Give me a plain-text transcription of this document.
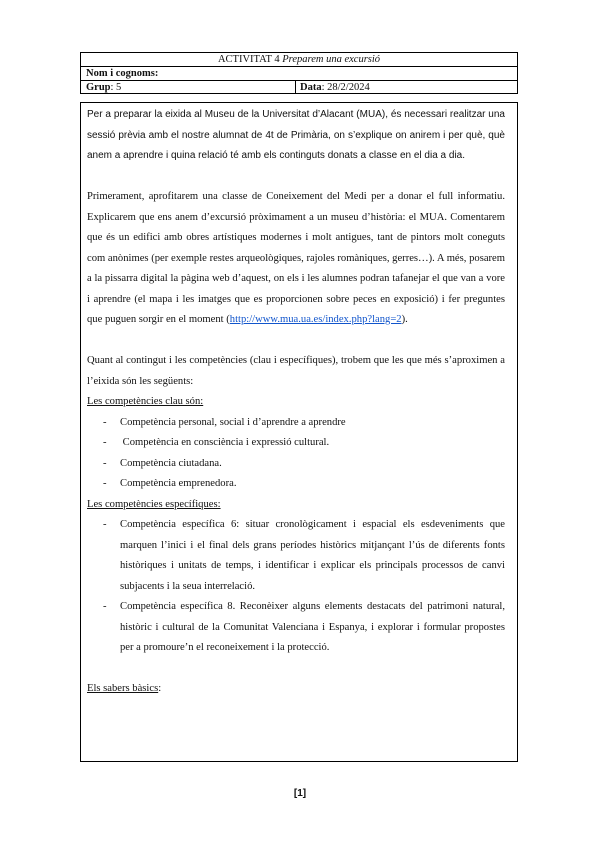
ACTIVITAT 4 Preparem una excursió
Nom i cognoms:
Grup: 5	Data: 28/2/2024

Per a preparar la eixida al Museu de la Universitat d’Alacant (MUA), és necessari realitzar una sessió prèvia amb el nostre alumnat de 4t de Primària, on s’explique on anirem i per què, què anem a aprendre i quina relació té amb els continguts donats a classe en el dia a dia.

Primerament, aprofitarem una classe de Coneixement del Medi per a donar el full informatiu. Explicarem que ens anem d’excursió pròximament a un museu d’història: el MUA. Comentarem que és un edifici amb obres artístiques modernes i molt antigues, tant de pintors molt coneguts com anònimes (per exemple restes arqueològiques, rajoles romàniques, gerres…). A més, posarem a la pissarra digital la pàgina web d’aquest, on els i les alumnes podran tafanejar el que van a vore i aprendre (el mapa i les imatges que es proporcionen sobre peces en exposició) i fer preguntes que puguen sorgir en el moment (http://www.mua.ua.es/index.php?lang=2).

Quant al contingut i les competències (clau i específiques), trobem que les que més s’aproximen a l’eixida són les següents:

Les competències clau són:
- Competència personal, social i d’aprendre a aprendre
- Competència en consciència i expressió cultural.
- Competència ciutadana.
- Competència emprenedora.
Les competències específiques:
- Competència específica 6: situar cronològicament i espacial els esdeveniments que marquen l’inici i el final dels grans períodes històrics mitjançant l’ús de diferents fonts històriques i unitats de temps, i identificar i explicar els principals processos de canvi subjacents i la seua interrelació.
- Competència específica 8. Reconèixer alguns elements destacats del patrimoni natural, històric i cultural de la Comunitat Valenciana i Espanya, i explorar i formular propostes per a promoure’n el reconeixement i la protecció.
Els sabers bàsics:
[1]
